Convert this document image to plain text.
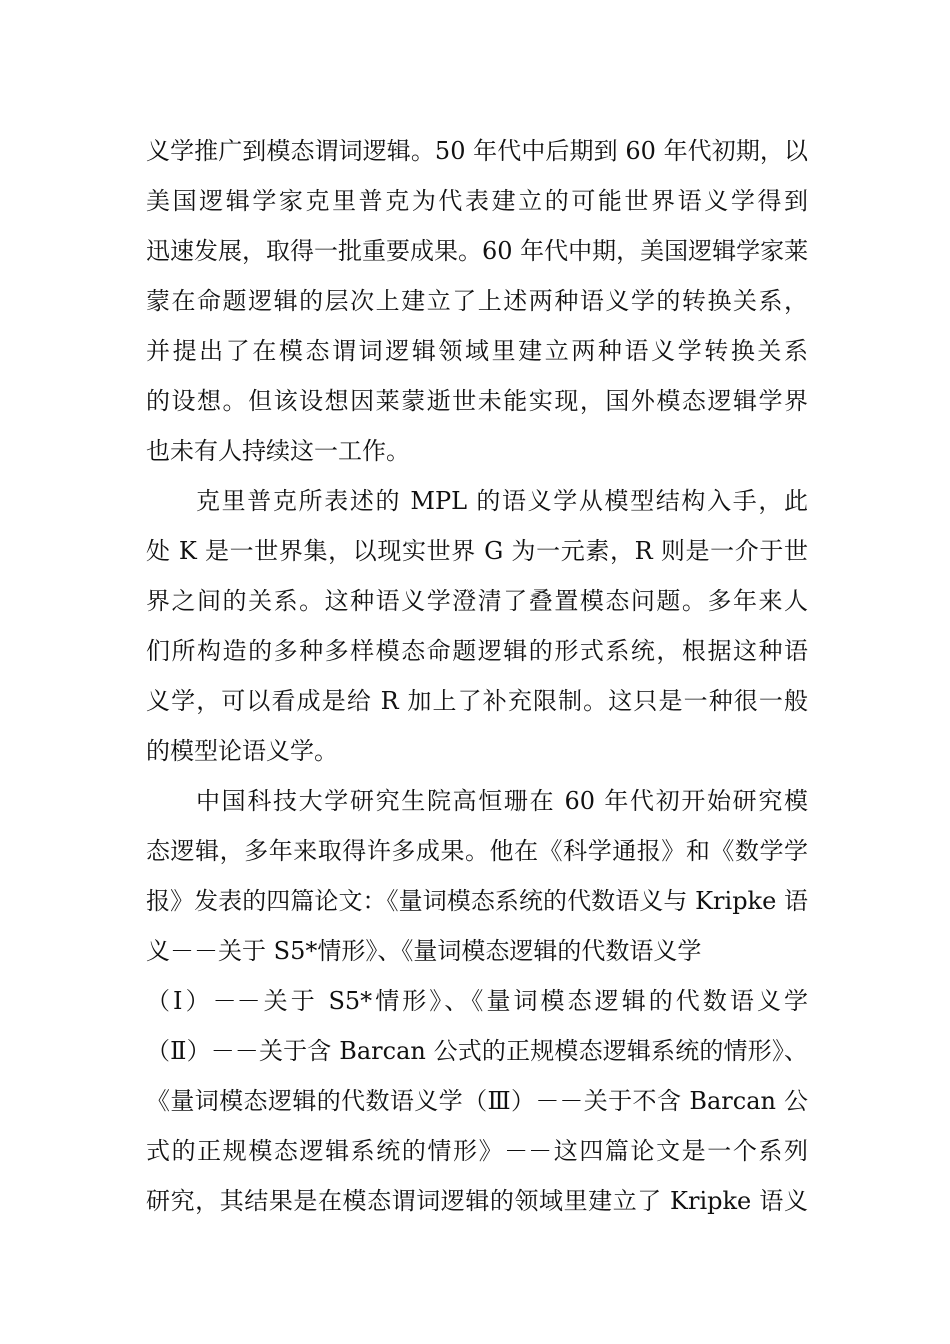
义学推广到模态谓词逻辑。50 年代中后期到 60 年代初期，以
美国逻辑学家克里普克为代表建立的可能世界语义学得到
迅速发展，取得一批重要成果。60 年代中期，美国逻辑学家莱
蒙在命题逻辑的层次上建立了上述两种语义学的转换关系，
并提出了在模态谓词逻辑领域里建立两种语义学转换关系
的设想。但该设想因莱蒙逝世未能实现，国外模态逻辑学界
也未有人持续这一工作。
克里普克所表述的 MPL 的语义学从模型结构入手，此
处 K 是一世界集，以现实世界 G 为一元素，R 则是一介于世
界之间的关系。这种语义学澄清了叠置模态问题。多年来人
们所构造的多种多样模态命题逻辑的形式系统，根据这种语
义学，可以看成是给 R 加上了补充限制。这只是一种很一般
的模型论语义学。
中国科技大学研究生院高恒珊在 60 年代初开始研究模
态逻辑，多年来取得许多成果。他在《科学通报》和《数学学
报》发表的四篇论文：《量词模态系统的代数语义与 Kripke 语
义－－关于 S5*情形》、《量词模态逻辑的代数语义学
（Ⅰ）－－关于 S5*情形》、《量词模态逻辑的代数语义学
（Ⅱ）－－关于含 Barcan 公式的正规模态逻辑系统的情形》、
《量词模态逻辑的代数语义学（Ⅲ）－－关于不含 Barcan 公
式的正规模态逻辑系统的情形》－－这四篇论文是一个系列
研究，其结果是在模态谓词逻辑的领域里建立了 Kripke 语义
